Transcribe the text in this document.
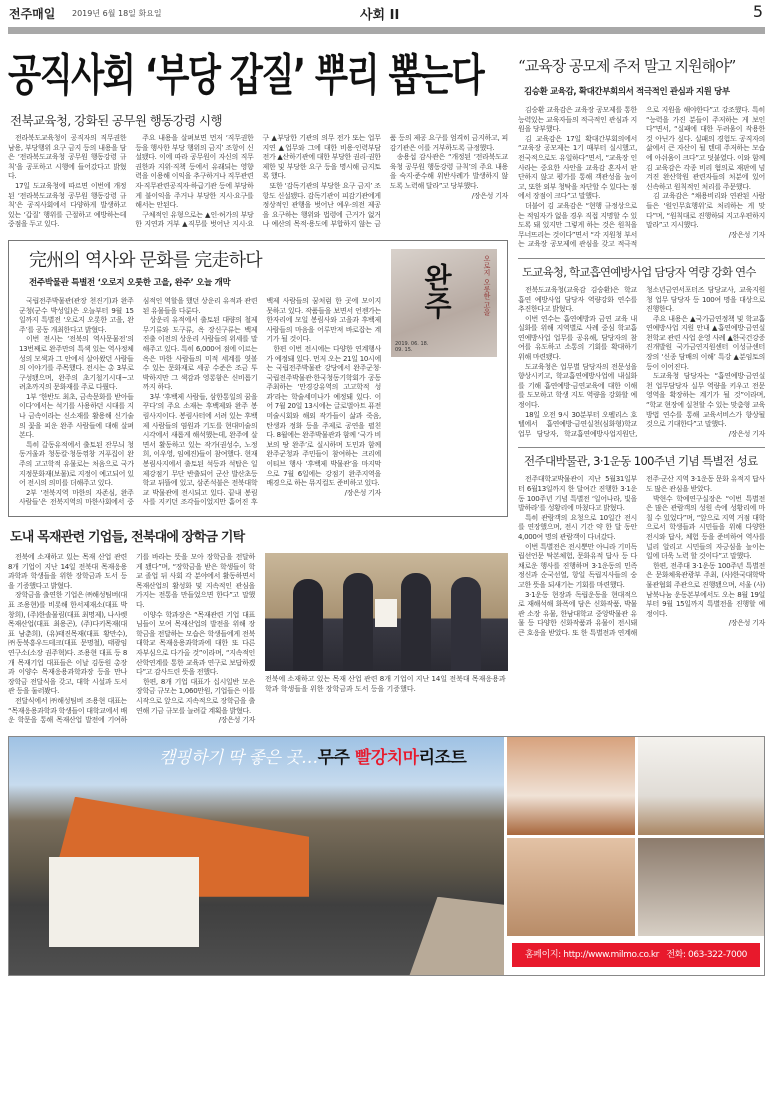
전주매일 2019년 6월 18일 화요일	사회 II	5
공직사회 ‘부당 갑질’ 뿌리 뽑는다
전북교육청, 강화된 공무원 행동강령 시행

전라북도교육청이 공직자의 직무권한 남용, 부당행위 요구 금지 등의 내용을 담은 ‘전라북도교육청 공무원 행동강령 규칙’을 공포하고 시행에 들어갔다고 밝혔다.

17일 도교육청에 따르면 이번에 개정된 ‘전라북도교육청 공무원 행동강령 규칙’은 공직사회에서 다양하게 발생하고 있는 ‘갑질’ 행위를 근절하고 예방하는데 중점을 두고 있다.

주요 내용을 살펴보면 먼저 ‘직무권한 등을 행사한 부당 행위의 금지’ 조항이 신설됐다. 이에 따라 공무원이 자신의 직무권한과 지위·직책 등에서 유래되는 영향력을 이용해 이익을 추구하거나 직무관련자·직무관련공직자·하급기관 등에 부당하게 불이익을 주거나 부당한 지시·요구를 해서는 안된다.

구체적인 유형으로는 ▲인·허가의 부당한 지연과 거부 ▲직무를 벗어난 지시·요구 ▲부당한 기관의 의무 전가 또는 업무 지연 ▲업무와 그에 대한 비용·인력부담 전가 ▲산하기관에 대한 부당한 권리·권한 제한 및 부당한 요구 등을 명시해 금지토록 했다.

또한 ‘감독기관의 부당한 요구 금지’ 조항도 신설됐다. 감독기관이 피감기관에게 정상적인 관행을 벗어난 예우·의전 제공을 요구하는 행위와 법령에 근거가 없거나 예산의 목적·용도에 부합하지 않는 금품 등의 제공 요구를 엄격히 금지하고, 피감기관은 이를 거부하도록 규정했다.

송용섭 감사관은 “개정된 ‘전라북도교육청 공무원 행동강령 규칙’의 주요 내용을 숙지·준수해 위반사례가 발생하지 않도록 노력해 달라”고 당부했다.

/장은성 기자
完州의 역사와 문화를 完走하다
전주박물관 특별전 ‘오로지 오롯한 고을, 완주’ 오늘 개막

국립전주박물관(관장 천진기)과 완주군청(군수 박성일)은 오늘부터 9월 15일까지 특별전 ‘오로지 오롯한 고을, 완주’를 공동 개최한다고 밝혔다.

이번 전시는 ‘전북의 역사문물전’의 13번째로 완주만의 특색 있는 역사정체성의 모색과 그 안에서 살아왔던 사람들의 이야기를 주목했다. 전시는 총 3부로 구성됐으며, 완주의 초기철기시대~고려초까지의 문화재를 주로 다뤘다.

1부 ‘한반도 최초, 금속문화를 받아들이다’에서는 석기를 사용하던 시대를 지나 금속이라는 신소재를 활용해 신기술의 꽃을 피운 완주 사람들에 대해 살펴본다.

특히 갈동유적에서 출토된 잔무늬 청동거울과 청동칼·청동꺾창 거푸집이 완주의 고고학적 유물로는 처음으로 국가지정문화재(보물)로 지정이 예고되어 있어 전시의 의미를 더해주고 있다.

2부 ‘전북지역 마한의 자존심, 완주 사람들’은 전북지역의 마한사회에서 중심적인 역할을 했던 상운리 유적과 관련된 유물들을 다룬다.

상운리 유적에서 출토된 대량의 철제 무기류와 도구류, 옥 장신구류는 백제 진출 이전의 상운리 사람들의 위세를 말해주고 있다. 특히 6,000여 점에 이르는 옥은 마한 사람들의 미적 세계를 엿볼 수 있는 문화재로 세공 수준은 조금 투박하지만 그 색감과 영롱함은 신비롭기까지 하다.

3부 ‘후백제 사람들, 삼한통일의 꿈을 꾸다’의 주요 소재는 후백제와 완주 봉림사지이다. 봉림사터에 서려 있는 후백제 사람들의 염원과 기도를 현대미술의 시각에서 새롭게 해석했는데, 완주에 살면서 활동하고 있는 작가(권성수, 노정희, 이우영, 임예진)들이 참여했다. 현재 봉림사지에서 출토된 석등과 석탑은 일제강점기 무단 반출되어 군산 발산초등학교 뒤뜰에 있고, 삼존석불은 전북대학교 박물관에 전시되고 있다. 끝내 봉림사를 지키던 조각들이었지만 흩어진 후백제 사람들의 꿈처럼 한 곳에 모이지 못하고 있다. 작품들을 보면서 언젠가는 한자리에 모일 봉림사와 고을과 후백제 사람들의 마음을 어루만져 바로잡는 계기가 될 것이다.

한편 이번 전시에는 다양한 연계행사가 예정돼 있다. 먼저 오는 21일 10시에는 국립전주박물관 강당에서 완주군청·국립전주박물관·한국청동기학회가 공동주최하는 ‘만경강유역의 고고학적 성과’라는 학술세미나가 예정돼 있다. 이어 7월 20일 13시에는 글로벌아트 퓨전미술시회와 해외 작가들이 삶과 죽음, 탄생과 정화 등을 주제로 공연을 펼친다. 8월에는 완주박물관과 함께 ‘국가 비보의 땅 완주’로 실시하며 도민과 함께 완주군청과 주민들이 참여하는 크리에이티브 행사 ‘후백제 박물관’을 마지막으로 7월 6일에는 강점기 완주지역을 배경으로 하는 뮤지컬도 준비하고 있다.

/장은성 기자
오로지 오롯한 고을
완주
2019. 06. 18.
09. 15.
도내 목재관련 기업들, 전북대에 장학금 기탁

전북에 소재하고 있는 목재 산업 관련 8개 기업이 지난 14일 전북대 목재응용과학과 학생들을 위한 장학금과 도서 등을 기증했다고 밝혔다.

장학금을 출연한 기업은 ㈜해성팀버(대표 조용현)를 비롯해 한서제재소(대표 박창희), (주)한솔물림(대표 최명제), 나사렛목재산업(대표 최용곤), (주)다키목재(대표 남춘희), (유)태진목재(대표 황만수), ㈜동북흥우드테크(대표 문명철), 태광임연구소(소장 권주혁)다. 조용현 대표 등 8개 목재기업 대표들은 이날 김동원 총장과 이양수 목재응용과학과장 등을 만나 장학금 전달식을 갖고, 대학 시설과 도서관 등을 둘러봤다.

전달식에서 ㈜해성팀버 조용현 대표는 “목재응용과학과 학생들이 대학교에서 배운 학문을 통해 목재산업 발전에 기여하기를 바라는 뜻을 모아 장학금을 전달하게 됐다”며, “장학금을 받은 학생들이 학교 졸업 뒤 사회 각 분야에서 활동하면서 목재산업의 활성화 및 지속적인 관심을 가지는 전통을 만들었으면 한다”고 말했다.

이양수 학과장은 “목재관련 기업 대표님들이 모여 목재산업의 발전을 위해 장학금을 전달하는 모습은 학생들에게 전북대학교 목재응용과학과에 대한 또 다른 자부심으로 다가올 것”이라며, “지속적인 산학연계를 통한 교육과 연구로 보답하겠다”고 감사드린 뜻을 전했다.

한편, 8개 기업 대표가 십시일반 모은 장학금 규모는 1,060만원, 기업들은 이를 시작으로 앞으로 지속적으로 장학금을 출연해 기금 규모를 늘려갈 계획을 밝혔다.

/장은성 기자
전북에 소재하고 있는 목재 산업 관련 8개 기업이 지난 14일 전북대 목재응용과학과 학생들을 위한 장학금과 도서 등을 기증했다.
“교육장 공모제 주저 말고 지원해야”
김승환 교육감, 확대간부회의서 적극적인 관심과 지원 당부

김승환 교육감은 교육장 공모제를 통한 능력있는 교육자들의 적극적인 관심과 지원을 당부했다.

김 교육감은 17일 확대간부회의에서 “교육장 공모제는 1기 때부터 실시했고, 전국적으로도 유일하다”면서, “교육장 인사라는 중요한 사안을 교육감 혼자서 판단하지 않고 평가를 통해 객관성을 높이고, 또한 외부 청탁을 차단할 수 있다는 점에서 장점이 크다”고 말했다.

더불어 김 교육감은 “현행 규정상으로는 적임자가 없을 경우 직접 지명할 수 있도록 돼 있지만 그렇게 하는 것은 원칙을 무너뜨리는 것이다”면서 “각 지원청 부서는 교육장 공모제에 관심을 갖고 적극적으로 지원을 해야한다”고 강조했다. 특히 “능력을 가진 분들이 주저하는 게 보인다”면서, “실패에 대한 두려움이 작용한 것 아닌가 싶다. 실패의 경험도 공직자의 삶에서 큰 자산이 될 텐데 주저하는 모습에 아쉬움이 크다”고 덧붙였다. 이와 함께 김 교육감은 각종 비리 혐의로 재판에 넘겨진 완산학원 관련자들의 처분에 있어 신속하고 원칙적인 처리를 주문했다.

김 교육감은 “채용비리와 연관된 사람들은 ‘원인무효행위’로 처리하는 게 맞다”며, “원칙대로 진행하되 지고우편하지 말라”고 지시했다.

/장은성 기자
도교육청, 학교흡연예방사업 담당자 역량 강화 연수

전북도교육청(교육감 김승환)은 학교흡연 예방사업 담당자 역량강화 연수를 추진한다고 밝혔다.

이번 연수는 흡연예방과 금연 교육 내실화를 위해 지역별로 사례 중심 학교흡연예방사업 업무를 공유해, 담당자의 참여를 유도하고 소통의 기회를 확대하기 위해 마련됐다.

도교육청은 업무별 담당자의 전문성을 향상시키고, 학교흡연예방사업에 내실화를 기해 흡연예방·금연교육에 대한 이해를 도모하고 학생 지도 역량을 강화할 예정이다.

18일 오전 9시 30분부터 오펠리스 호텔에서 흡연예방·금연실천(심화형)학교 업무 담당자, 학교흡연예방사업지원단, 청소년금연서포터즈 담당교사, 교육지원청 업무 담당자 등 100여 명을 대상으로 진행한다.

주요 내용은 ▲국가금연정책 및 학교흡연예방사업 지원 안내 ▲흡연예방·금연실천학교 관련 사업 운영 사례 ▲한국건강증진개발원 국가금연지원센터 이성규센터장의 ‘신종 담배의 이해’ 특강 ▲분임토의 등이 이어진다.

도교육청 담당자는 “흡연예방·금연실천 업무담당자 실무 역량을 키우고 전문 영역을 확장하는 계기가 될 것”이라며, “학교 현장에 실천할 수 있는 맞춤형 교육방법 연수를 통해 교육서비스가 향상될 것으로 기대한다”고 말했다.

/장은성 기자
전주대박물관, 3·1운동 100주년 기념 특별전 성료

전주대학교박물관이 지난 5월31일부터 6월13일까지 한 달여간 진행한 3·1운동 100주년 기념 특별전 ‘일어나라, 빛을 발하라’를 성황리에 마쳤다고 밝혔다.

특히 관람객의 요청으로 10일간 전시를 연장했으며, 전시 기간 약 한 달 동안 4,000여 명의 관람객이 다녀갔다.

이번 특별전은 전시뿐만 아니라 기미독립선언문 탁본체험, 문화유적 답사 등 다채로운 행사를 진행하며 3·1운동의 민족정신과 순국선열, 항일 독립지사들의 숭고한 뜻을 되새기는 기회를 마련했다.

3·1운동 현장과 독립운동을 현대적으로 재해석해 화폭에 담은 신화작품, 박물관 소장 유물, 한남대학교 중앙박물관 유물 등 다양한 신화작품과 유물이 전시돼 큰 호응을 받았다. 또 한 특별전과 연계해 전주·군산 지역 3·1운동 문화 유적지 답사도 많은 관심을 받았다.

박현수 학예연구실장은 “이번 특별전은 많은 관람객의 성원 속에 성황리에 마칠 수 있었다”며, “앞으로 지역 거점 대학으로서 학생들과 시민들을 위해 다양한 전시와 답사, 체험 등을 준비하여 역사를 널리 알리고 시민들의 자긍심을 높이는 일에 더욱 노력 할 것이다”고 말했다.

한편, 전주대 3·1운동 100주년 특별전은 문화체육관광부 주최, (사)한국대학박물관협회 주관으로 진행됐으며, 서울 (사)남북나눔 운동본부에서도 오는 8월 19일부터 9월 15일까지 특별전을 진행할 예정이다.

/장은성 기자
캠핑하기 딱 좋은 곳…무주 빨강치마리조트
홈페이지: http://www.milmo.co.kr   전화: 063-322-7000
